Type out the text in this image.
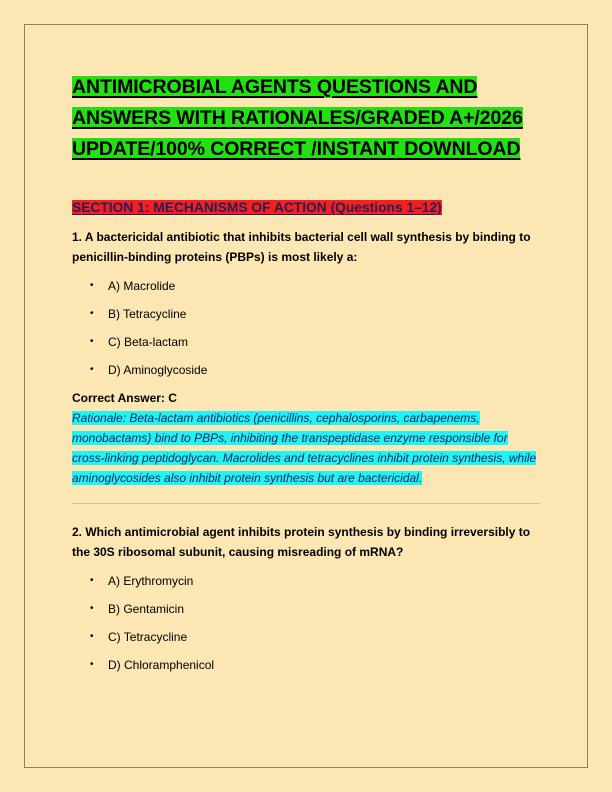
ANTIMICROBIAL AGENTS QUESTIONS AND ANSWERS WITH RATIONALES/GRADED A+/2026 UPDATE/100% CORRECT /INSTANT DOWNLOAD
SECTION 1: MECHANISMS OF ACTION (Questions 1–12)

1. A bactericidal antibiotic that inhibits bacterial cell wall synthesis by binding to penicillin-binding proteins (PBPs) is most likely a:

• A) Macrolide
• B) Tetracycline
• C) Beta-lactam
• D) Aminoglycoside

Correct Answer: C

Rationale: Beta-lactam antibiotics (penicillins, cephalosporins, carbapenems, monobactams) bind to PBPs, inhibiting the transpeptidase enzyme responsible for cross-linking peptidoglycan. Macrolides and tetracyclines inhibit protein synthesis, while aminoglycosides also inhibit protein synthesis but are bactericidal.

2. Which antimicrobial agent inhibits protein synthesis by binding irreversibly to the 30S ribosomal subunit, causing misreading of mRNA?

• A) Erythromycin
• B) Gentamicin
• C) Tetracycline
• D) Chloramphenicol
